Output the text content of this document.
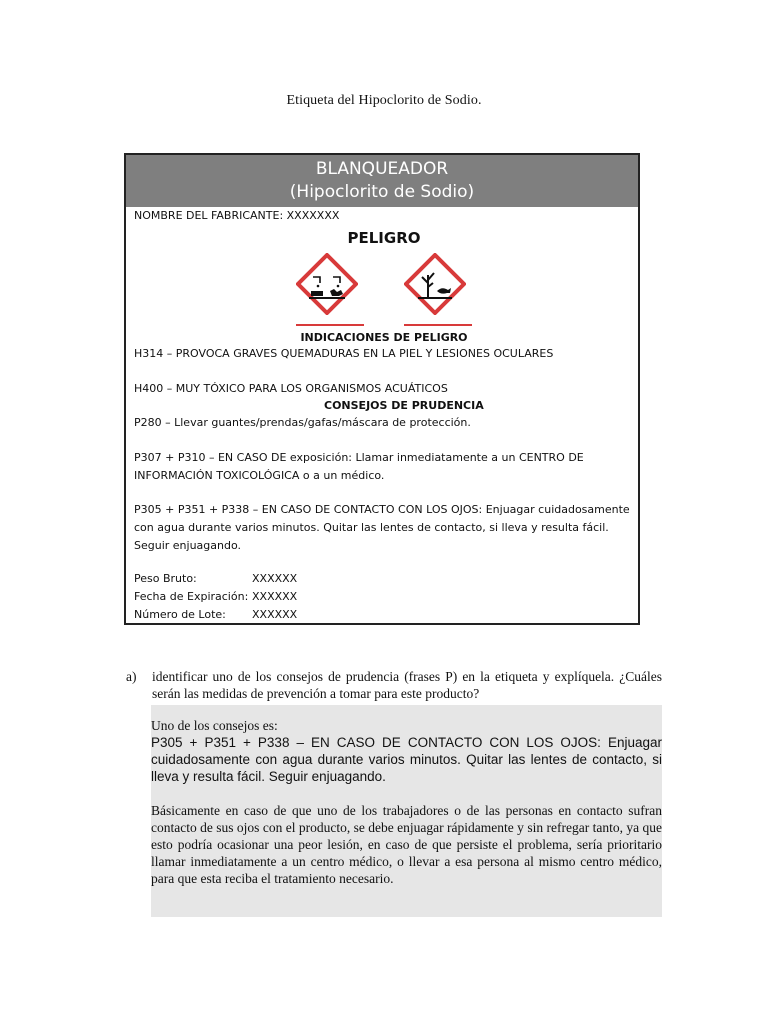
Etiqueta del Hipoclorito de Sodio.
BLANQUEADOR
(Hipoclorito de Sodio)
NOMBRE DEL FABRICANTE: XXXXXXX
PELIGRO
INDICACIONES DE PELIGRO
H314 – PROVOCA GRAVES QUEMADURAS EN LA PIEL Y LESIONES OCULARES
H400 – MUY TÓXICO PARA LOS ORGANISMOS ACUÁTICOS
CONSEJOS DE PRUDENCIA
P280 – Llevar guantes/prendas/gafas/máscara de protección.
P307 + P310 – EN CASO DE exposición: Llamar inmediatamente a un CENTRO DE
INFORMACIÓN TOXICOLÓGICA o a un médico.
P305 + P351 + P338 – EN CASO DE CONTACTO CON LOS OJOS: Enjuagar cuidadosamente
con agua durante varios minutos. Quitar las lentes de contacto, si lleva y resulta fácil.
Seguir enjuagando.
Peso Bruto:	XXXXXX
Fecha de Expiración: XXXXXX
Número de Lote: XXXXXX
a) identificar uno de los consejos de prudencia (frases P) en la etiqueta y explíquela. ¿Cuáles serán las medidas de prevención a tomar para este producto?

Uno de los consejos es:

P305 + P351 + P338 – EN CASO DE CONTACTO CON LOS OJOS: Enjuagar cuidadosamente con agua durante varios minutos. Quitar las lentes de contacto, si lleva y resulta fácil. Seguir enjuagando.

Básicamente en caso de que uno de los trabajadores o de las personas en contacto sufran contacto de sus ojos con el producto, se debe enjuagar rápidamente y sin refregar tanto, ya que esto podría ocasionar una peor lesión, en caso de que persiste el problema, sería prioritario llamar inmediatamente a un centro médico, o llevar a esa persona al mismo centro médico, para que esta reciba el tratamiento necesario.
